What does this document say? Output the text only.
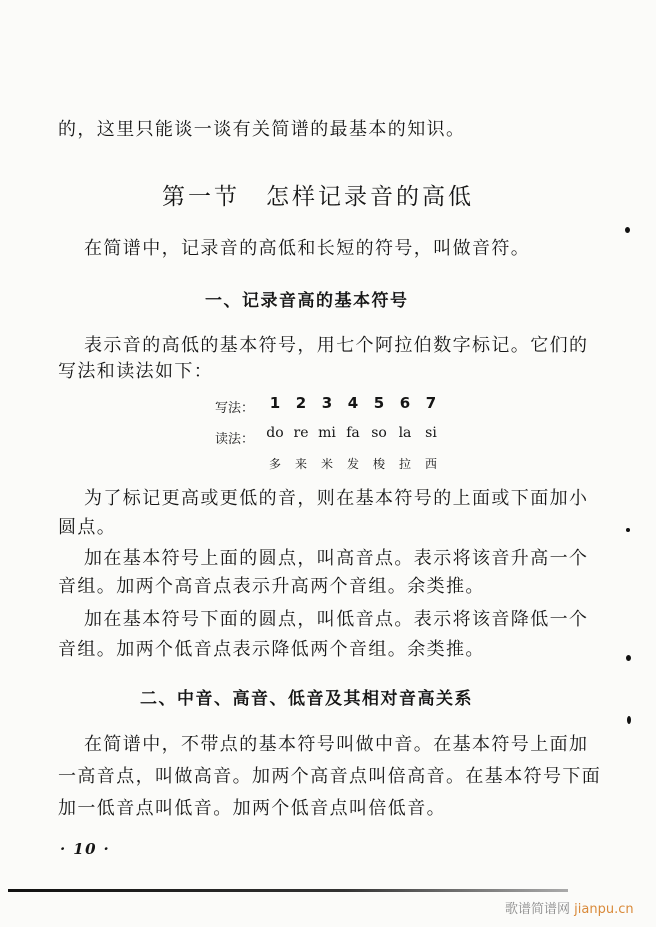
的，这里只能谈一谈有关简谱的最基本的知识。
第一节　怎样记录音的高低
在简谱中，记录音的高低和长短的符号，叫做音符。
一、记录音高的基本符号
表示音的高低的基本符号，用七个阿拉伯数字标记。它们的
写法和读法如下：
写法：	1 2 3 4 5 6 7
读法： do re mi fa so la si
多 来 米 发 梭 拉 西
为了标记更高或更低的音，则在基本符号的上面或下面加小
圆点。
加在基本符号上面的圆点，叫高音点。表示将该音升高一个
音组。加两个高音点表示升高两个音组。余类推。
加在基本符号下面的圆点，叫低音点。表示将该音降低一个
音组。加两个低音点表示降低两个音组。余类推。
二、中音、高音、低音及其相对音高关系
在简谱中，不带点的基本符号叫做中音。在基本符号上面加
一高音点，叫做高音。加两个高音点叫倍高音。在基本符号下面
加一低音点叫低音。加两个低音点叫倍低音。
· 10 ·
歌谱简谱网 jianpu.cn
